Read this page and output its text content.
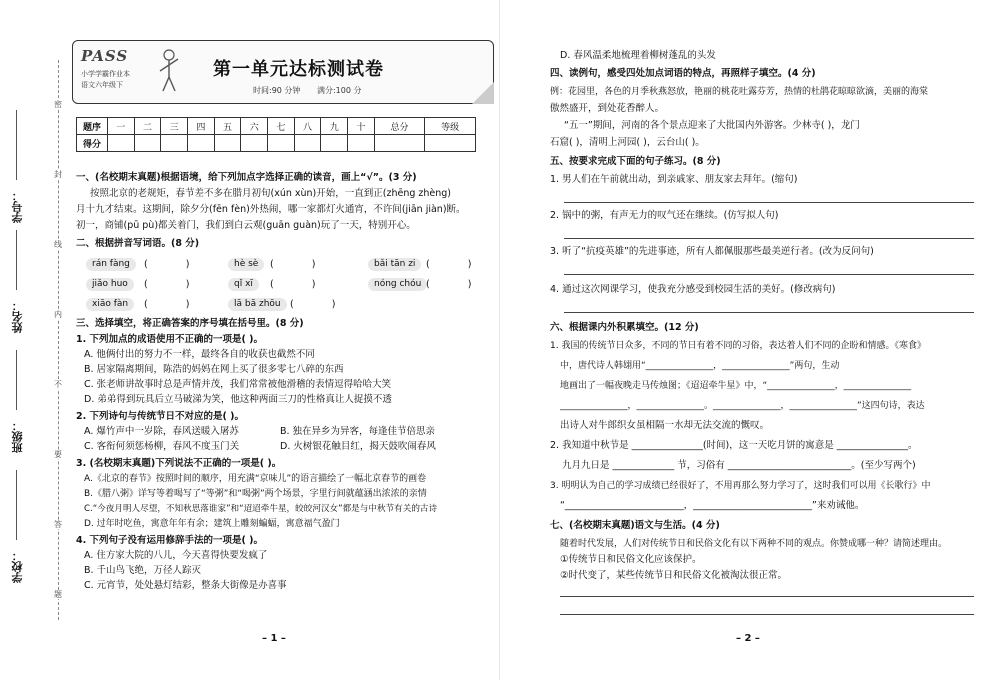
学号：
姓名：
班级：
学校：
密
封
线
内
不
要
答
题
PASS
小学学霸作业本
语文六年级下
第一单元达标测试卷
时间:90 分钟 满分:100 分
题序	一	二	三	四	五	六	七	八	九	十	总分	等级
得分												
一、(名校期末真题)根据语境，给下列加点字选择正确的读音，画上“√”。(3 分)
按照北京的老规矩，春节差不多在腊月初旬(xún xùn)开始，一直到正(zhēng zhèng)
月十九才结束。这期间，除夕分(fēn fèn)外热闹，哪一家都灯火通宵，不许间(jiān jiàn)断。
初一，商铺(pū pù)都关着门，我们到白云观(guān guàn)玩了一天，特别开心。
二、根据拼音写词语。(8 分)
rán fàng	(　　　　)	hè sè	(　　　　)	bǎi tān zi	(　　　　)
jiǎo huo	(　　　　)	qǐ xī	(　　　　)	nóng chóu (　　　　)
xiāo fàn	(　　　　)	lā bā zhōu (　　　　)
三、选择填空，将正确答案的序号填在括号里。(8 分)
1. 下列加点的成语使用不正确的一项是( )。
A. 他俩付出的努力不一样，最终各自的收获也截然不同
B. 居家隔离期间，陈浩的妈妈在网上买了很多零七八碎的东西
C. 张老师讲故事时总是声情并茂，我们常常被他滑稽的表情逗得哈哈大笑
D. 弟弟得到玩具后立马破涕为笑，他这种两面三刀的性格真让人捉摸不透
2. 下列诗句与传统节日不对应的是( )。
A. 爆竹声中一岁除，春风送暖入屠苏	B. 独在异乡为异客，每逢佳节倍思亲
C. 客衔何须惩杨柳，春风不度玉门关	D. 火树银花触目红，揭天鼓吹闹春风
3. (名校期末真题)下列说法不正确的一项是( )。
A.《北京的春节》按照时间的顺序，用充满“京味儿”的语言描绘了一幅北京春节的画卷
B.《腊八粥》详写等着喝写了“等粥”和“喝粥”两个场景，字里行间就蕴涵出浓浓的亲情
C.“今夜月明人尽望，不知秋思落谁家”和“迢迢牵牛星，皎皎河汉女”都是与中秋节有关的古诗
D. 过年时吃鱼，寓意年年有余；建筑上雕刻蝙蝠，寓意福气盈门
4. 下列句子没有运用修辞手法的一项是( )。
A. 住方家大院的八儿，今天喜得快要发疯了
B. 千山鸟飞绝，万径人踪灭
C. 元宵节，处处悬灯结彩，整条大街像是办喜事
– 1 –
D. 春风温柔地梳理着柳树蓬乱的头发
四、读例句，感受四处加点词语的特点，再照样子填空。(4 分)
例：花园里，各色的月季秋燕怒放，艳丽的桃花吐露芬芳，热情的杜鹃花晾晾欲滴，美丽的海棠
傲然盛开，到处花香醉人。
“五一”期间，河南的各个景点迎来了大批国内外游客。少林寺( )，龙门
石窟( )，清明上河园( )，云台山( )。
五、按要求完成下面的句子练习。(8 分)
1. 男人们在午前就出动，到亲戚家、朋友家去拜年。(缩句)
2. 锅中的粥，有声无力的叹气还在继续。(仿写拟人句)
3. 听了“抗疫英雄”的先进事迹，所有人都佩服那些最美逆行者。(改为反问句)
4. 通过这次网课学习，使我充分感受到校园生活的美好。(修改病句)
六、根据课内外积累填空。(12 分)
1. 我国的传统节日众多，不同的节日有着不同的习俗，表达着人们不同的企盼和情感。《寒食》
中，唐代诗人韩翃用“_______________，_______________”两句，生动
地画出了一幅夜晚走马传烛图；《迢迢牵牛星》中，“_______________，_______________
_______________，_______________。_______________，_______________”这四句诗，表达
出诗人对牛郎织女虽相隔一水却无法交流的慨叹。
2. 我知道中秋节是 _______________(时间)，这一天吃月饼的寓意是 _______________。
九月九日是 _____________ 节，习俗有 __________________________。(至少写两个)
3. 明明认为自己的学习成绩已经很好了，不用再那么努力学习了，这时我们可以用《长歌行》中
“_________________________，_________________________”来劝诫他。
七、(名校期末真题)语文与生活。(4 分)
随着时代发展，人们对传统节日和民俗文化有以下两种不同的观点。你赞成哪一种？请简述理由。
①传统节日和民俗文化应该保护。
②时代变了，某些传统节日和民俗文化被淘汰很正常。
– 2 –
